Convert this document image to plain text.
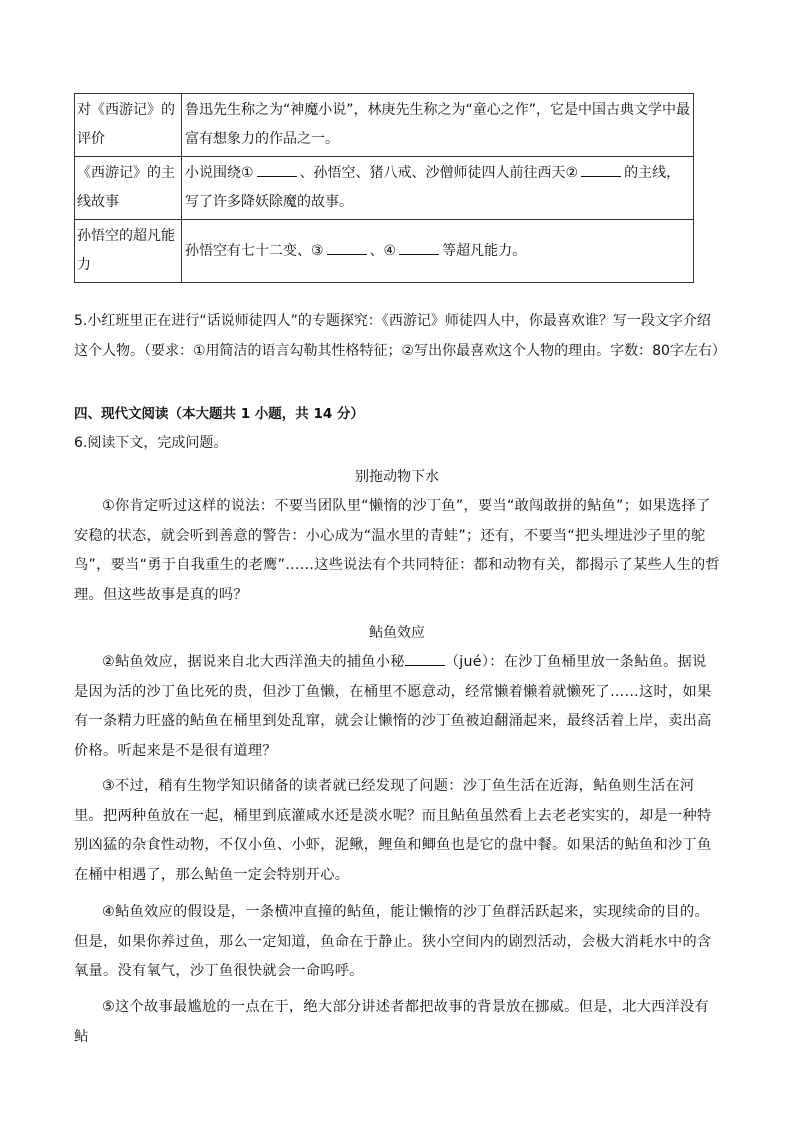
对《西游记》的评价	鲁迅先生称之为“神魔小说”，林庚先生称之为“童心之作”，它是中国古典文学中最富有想象力的作品之一。
《西游记》的主线故事	小说围绕① 、孙悟空、猪八戒、沙僧师徒四人前往西天② 的主线，写了许多降妖除魔的故事。
孙悟空的超凡能力	孙悟空有七十二变、③ 、④ 等超凡能力。
5.小红班里正在进行“话说师徒四人”的专题探究：《西游记》师徒四人中，你最喜欢谁？写一段文字介绍这个人物。（要求：①用简洁的语言勾勒其性格特征；②写出你最喜欢这个人物的理由。字数：80字左右）
四、现代文阅读（本大题共 1 小题，共 14 分）
6.阅读下文，完成问题。
别拖动物下水
①你肯定听过这样的说法：不要当团队里“懒惰的沙丁鱼”，要当“敢闯敢拼的鲇鱼”；如果选择了安稳的状态，就会听到善意的警告：小心成为“温水里的青蛙”；还有，不要当“把头埋进沙子里的鸵鸟”，要当“勇于自我重生的老鹰”……这些说法有个共同特征：都和动物有关，都揭示了某些人生的哲理。但这些故事是真的吗？
鲇鱼效应
②鲇鱼效应，据说来自北大西洋渔夫的捕鱼小秘	（jué）：在沙丁鱼桶里放一条鲇鱼。据说是因为活的沙丁鱼比死的贵，但沙丁鱼懒，在桶里不愿意动，经常懒着懒着就懒死了……这时，如果有一条精力旺盛的鲇鱼在桶里到处乱窜，就会让懒惰的沙丁鱼被迫翻涌起来，最终活着上岸，卖出高价格。听起来是不是很有道理？
③不过，稍有生物学知识储备的读者就已经发现了问题：沙丁鱼生活在近海，鲇鱼则生活在河里。把两种鱼放在一起，桶里到底灌咸水还是淡水呢？而且鲇鱼虽然看上去老老实实的，却是一种特别凶猛的杂食性动物，不仅小鱼、小虾，泥鳅，鲤鱼和鲫鱼也是它的盘中餐。如果活的鲇鱼和沙丁鱼在桶中相遇了，那么鲇鱼一定会特别开心。
④鲇鱼效应的假设是，一条横冲直撞的鲇鱼，能让懒惰的沙丁鱼群活跃起来，实现续命的目的。但是，如果你养过鱼，那么一定知道，鱼命在于静止。狭小空间内的剧烈活动，会极大消耗水中的含氧量。没有氧气，沙丁鱼很快就会一命呜呼。
⑤这个故事最尴尬的一点在于，绝大部分讲述者都把故事的背景放在挪威。但是，北大西洋没有鲇
